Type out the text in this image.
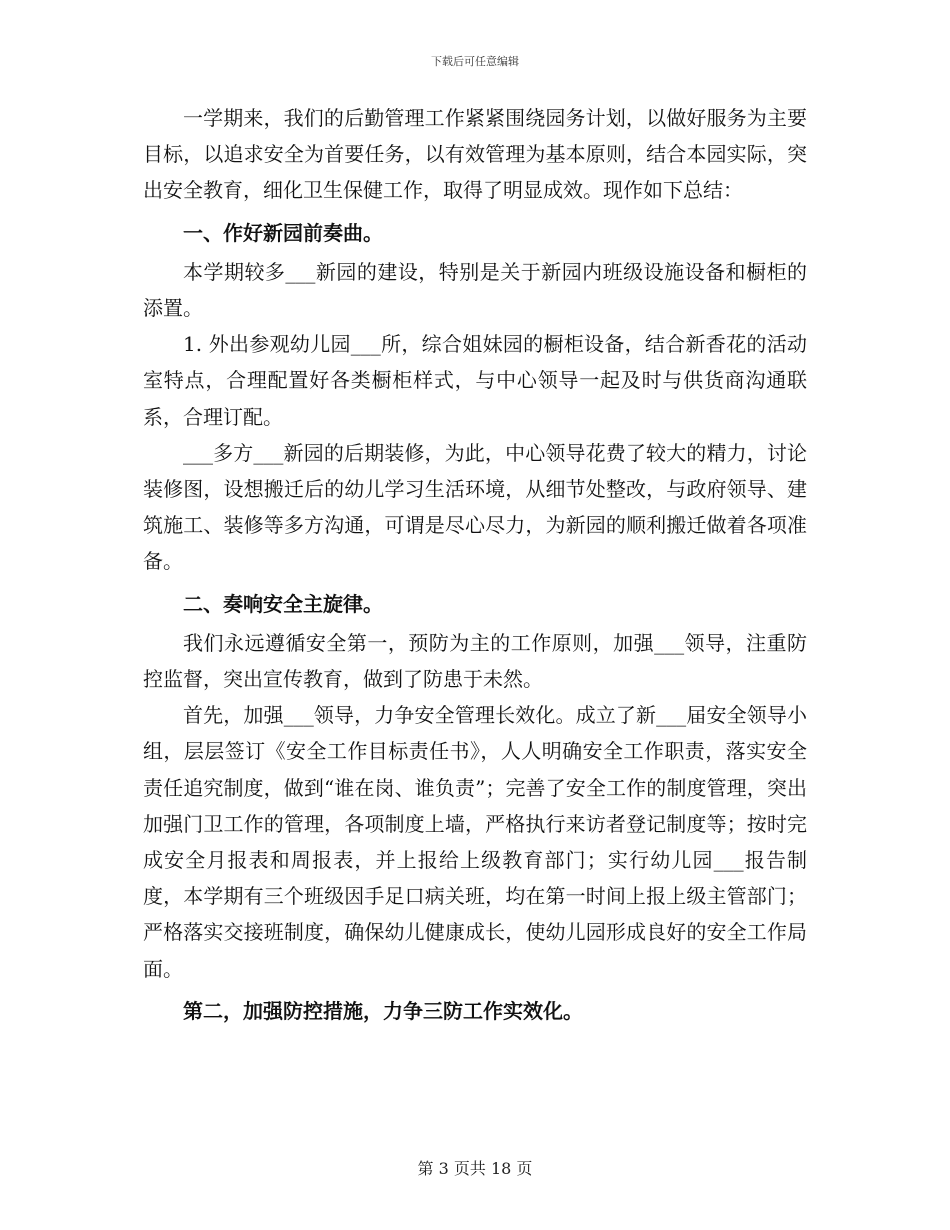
下载后可任意编辑

一学期来，我们的后勤管理工作紧紧围绕园务计划，以做好服务为主要目标，以追求安全为首要任务，以有效管理为基本原则，结合本园实际，突出安全教育，细化卫生保健工作，取得了明显成效。现作如下总结：

一、作好新园前奏曲。

本学期较多___新园的建设，特别是关于新园内班级设施设备和橱柜的添置。

1. 外出参观幼儿园___所，综合姐妹园的橱柜设备，结合新香花的活动室特点，合理配置好各类橱柜样式，与中心领导一起及时与供货商沟通联系，合理订配。

___多方___新园的后期装修，为此，中心领导花费了较大的精力，讨论装修图，设想搬迁后的幼儿学习生活环境，从细节处整改，与政府领导、建筑施工、装修等多方沟通，可谓是尽心尽力，为新园的顺利搬迁做着各项准备。

二、奏响安全主旋律。

我们永远遵循安全第一，预防为主的工作原则，加强___领导，注重防控监督，突出宣传教育，做到了防患于未然。

首先，加强___领导，力争安全管理长效化。成立了新___届安全领导小组，层层签订《安全工作目标责任书》，人人明确安全工作职责，落实安全责任追究制度，做到“谁在岗、谁负责”；完善了安全工作的制度管理，突出加强门卫工作的管理，各项制度上墙，严格执行来访者登记制度等；按时完成安全月报表和周报表，并上报给上级教育部门；实行幼儿园___报告制度，本学期有三个班级因手足口病关班，均在第一时间上报上级主管部门；严格落实交接班制度，确保幼儿健康成长，使幼儿园形成良好的安全工作局面。

第二，加强防控措施，力争三防工作实效化。

第 3 页共 18 页
